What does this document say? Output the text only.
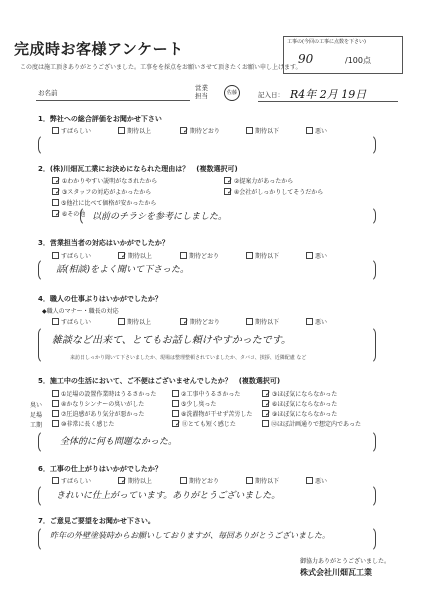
完成時お客様アンケート
この度は施工頂きありがとうございました。工事をを採点をお願いさせて頂きたくお願い申し上げます。
工事の(今回の工事に点数を下さい)
90	/100点
お名前
営業 担当	佐藤	記入日： R4年 2月 19日
1．弊社への総合評価をお聞かせ下さい
すばらしい	期待以上	✓期待どおり	期待以下	悪い
2．(株)川畑瓦工業にお決めになられた理由は？　(複数選択可)
✓①わかりやすい説明がなされたから	✓②提案力があったから
✓③スタッフの対応がよかったから	✓④会社がしっかりしてそうだから
⑤他社に比べて価格が安かったから
✓⑥その他 以前のチラシを参考にしました。
3．営業担当者の対応はいかがでしたか？
すばらしい	✓期待以上	期待どおり	期待以下	悪い
話(相談)をよく聞いて下さった。
4．職人の仕事ぶりはいかがでしたか？
◆職人のマナー・職長の対応
すばらしい	期待以上	✓期待どおり	期待以下	悪い
雑談など出来て、とてもお話し頼けやすかったです。
来訪日しっかり聞いて下さいましたか、現場は整理整頓されていましたか、タバコ、挨拶、近隣配慮 など
5．施工中の生活において、ご不便はございませんでしたか？　(複数選択可)
臭い
足場
工期
①足場の設置作業時はうるさかった	②工事中うるさかった	✓③ほぼ気にならなかった
④かなりシンナーの臭いがした	⑤少し臭った	✓⑥ほぼ気にならなかった
⑦圧迫感があり気分が悪かった	⑧洗濯物が干せず苦労した	✓⑨ほぼ気にならなかった
⑩非常に長く感じた	✓⑪とても短く感じた	⑫ほぼ計画通りで想定内であった
全体的に何も問題なかった。
6．工事の仕上がりはいかがでしたか？
すばらしい	✓期待以上	期待どおり	期待以下	悪い
きれいに仕上がっています。ありがとうございました。
7．ご意見ご要望をお聞かせ下さい。
昨年の外壁塗装時からお願いしておりますが、毎回ありがとうございました。
御協力ありがとうございました。
株式会社川畑瓦工業
